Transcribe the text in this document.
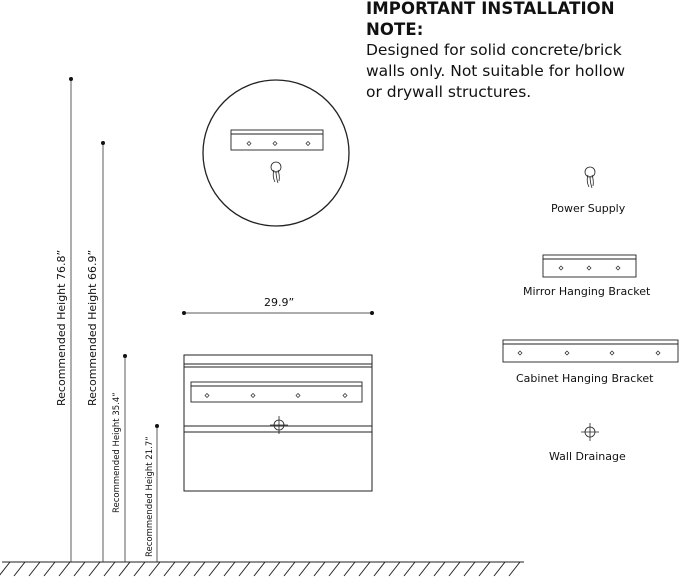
IMPORTANT INSTALLATION NOTE:
Designed for solid concrete/brick
walls only. Not suitable for hollow
or drywall structures.
29.9”
Recommended Height 76.8” Recommended Height 66.9”
Recommended Height 35.4”	Recommended Height 21.7”
Power Supply
Mirror Hanging Bracket
Cabinet Hanging Bracket
Wall Drainage
